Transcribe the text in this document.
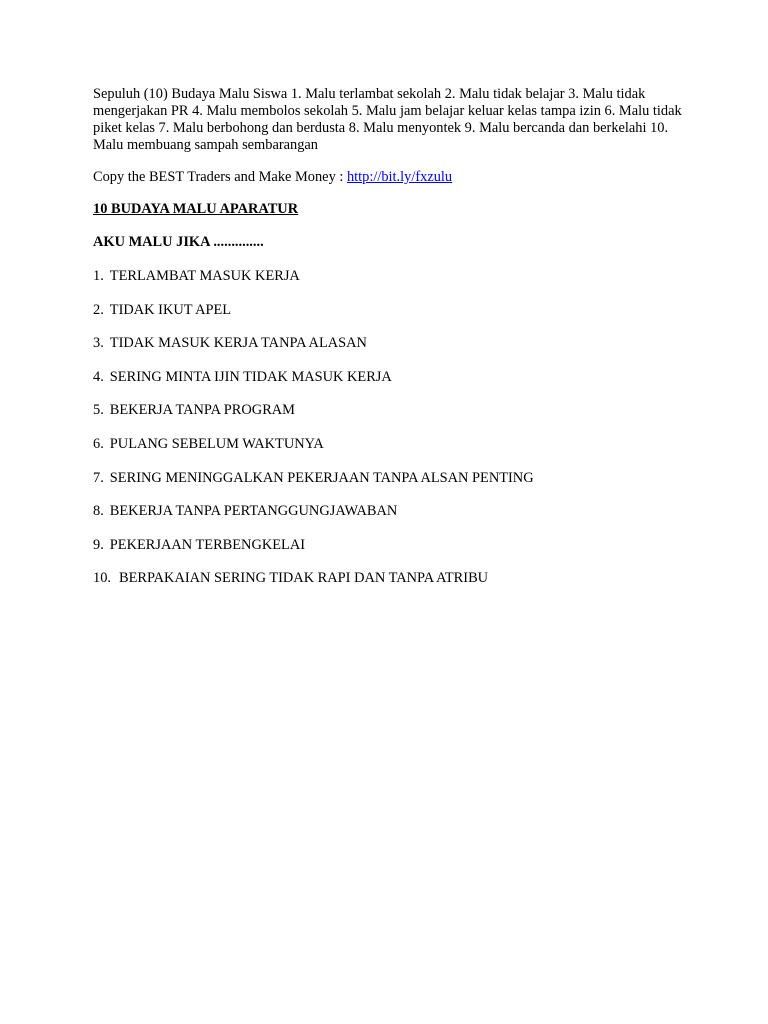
Sepuluh (10) Budaya Malu Siswa 1. Malu terlambat sekolah 2. Malu tidak belajar 3. Malu tidak mengerjakan PR 4. Malu membolos sekolah 5. Malu jam belajar keluar kelas tampa izin 6. Malu tidak piket kelas 7. Malu berbohong dan berdusta 8. Malu menyontek 9. Malu bercanda dan berkelahi 10. Malu membuang sampah sembarangan

Copy the BEST Traders and Make Money : http://bit.ly/fxzulu

10 BUDAYA MALU APARATUR

AKU MALU JIKA ..............

1. TERLAMBAT MASUK KERJA
2. TIDAK IKUT APEL
3. TIDAK MASUK KERJA TANPA ALASAN
4. SERING MINTA IJIN TIDAK MASUK KERJA
5. BEKERJA TANPA PROGRAM
6. PULANG SEBELUM WAKTUNYA
7. SERING MENINGGALKAN PEKERJAAN TANPA ALSAN PENTING
8. BEKERJA TANPA PERTANGGUNGJAWABAN
9. PEKERJAAN TERBENGKELAI
10. BERPAKAIAN SERING TIDAK RAPI DAN TANPA ATRIBU
